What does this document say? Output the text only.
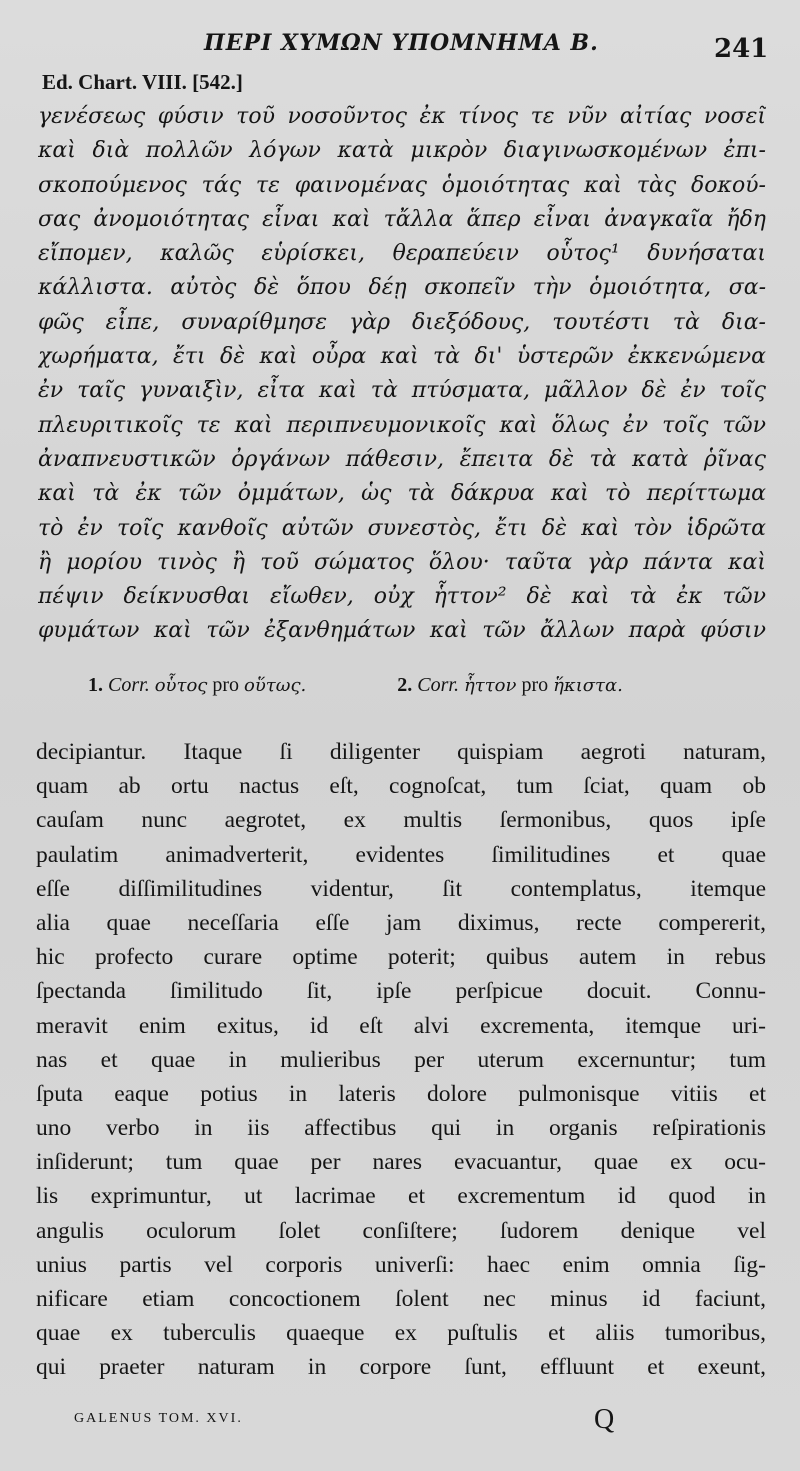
ΠΕΡΙ ΧΥΜΩΝ ΥΠΟΜΝΗΜΑ Β.	241
Ed. Chart. VIII. [542.]
γενέσεως φύσιν τοῦ νοσοῦντος ἐκ τίνος τε νῦν αἰτίας νοσεῖ
καὶ διὰ πολλῶν λόγων κατὰ μικρὸν διαγινωσκομένων ἐπι-
σκοπούμενος τάς τε φαινομένας ὁμοιότητας καὶ τὰς δοκού-
σας ἀνομοιότητας εἶναι καὶ τἄλλα ἅπερ εἶναι ἀναγκαῖα ἤδη
εἴπομεν, καλῶς εὑρίσκει, θεραπεύειν οὗτος¹ δυνήσαται
κάλλιστα. αὐτὸς δὲ ὅπου δέῃ σκοπεῖν τὴν ὁμοιότητα, σα-
φῶς εἶπε, συναρίθμησε γὰρ διεξόδους, τουτέστι τὰ δια-
χωρήματα, ἔτι δὲ καὶ οὖρα καὶ τὰ δι' ὑστερῶν ἐκκενώμενα
ἐν ταῖς γυναιξὶν, εἶτα καὶ τὰ πτύσματα, μᾶλλον δὲ ἐν τοῖς
πλευριτικοῖς τε καὶ περιπνευμονικοῖς καὶ ὅλως ἐν τοῖς τῶν
ἀναπνευστικῶν ὀργάνων πάθεσιν, ἔπειτα δὲ τὰ κατὰ ῥῖνας
καὶ τὰ ἐκ τῶν ὀμμάτων, ὡς τὰ δάκρυα καὶ τὸ περίττωμα
τὸ ἐν τοῖς κανθοῖς αὐτῶν συνεστὸς, ἔτι δὲ καὶ τὸν ἱδρῶτα
ἢ μορίου τινὸς ἢ τοῦ σώματος ὅλου· ταῦτα γὰρ πάντα καὶ
πέψιν δείκνυσθαι εἴωθεν, οὐχ ἧττον² δὲ καὶ τὰ ἐκ τῶν
φυμάτων καὶ τῶν ἐξανθημάτων καὶ τῶν ἄλλων παρὰ φύσιν
1. Corr. οὗτος pro οὕτως.	2. Corr. ἧττον pro ἥκιστα.
decipiantur. Itaque ſi diligenter quispiam aegroti naturam,
quam ab ortu nactus eſt, cognoſcat, tum ſciat, quam ob
cauſam nunc aegrotet, ex multis ſermonibus, quos ipſe
paulatim animadverterit, evidentes ſimilitudines et quae
eſſe diſſimilitudines videntur, ſit contemplatus, itemque
alia quae neceſſaria eſſe jam diximus, recte compererit,
hic profecto curare optime poterit; quibus autem in rebus
ſpectanda ſimilitudo ſit, ipſe perſpicue docuit. Connu-
meravit enim exitus, id eſt alvi excrementa, itemque uri-
nas et quae in mulieribus per uterum excernuntur; tum
ſputa eaque potius in lateris dolore pulmonisque vitiis et
uno verbo in iis affectibus qui in organis reſpirationis
inſiderunt; tum quae per nares evacuantur, quae ex ocu-
lis exprimuntur, ut lacrimae et excrementum id quod in
angulis oculorum ſolet conſiſtere; ſudorem denique vel
unius partis vel corporis univerſi: haec enim omnia ſig-
nificare etiam concoctionem ſolent nec minus id faciunt,
quae ex tuberculis quaeque ex puſtulis et aliis tumoribus,
qui praeter naturam in corpore ſunt, effluunt et exeunt,
GALENUS TOM. XVI.	Q
